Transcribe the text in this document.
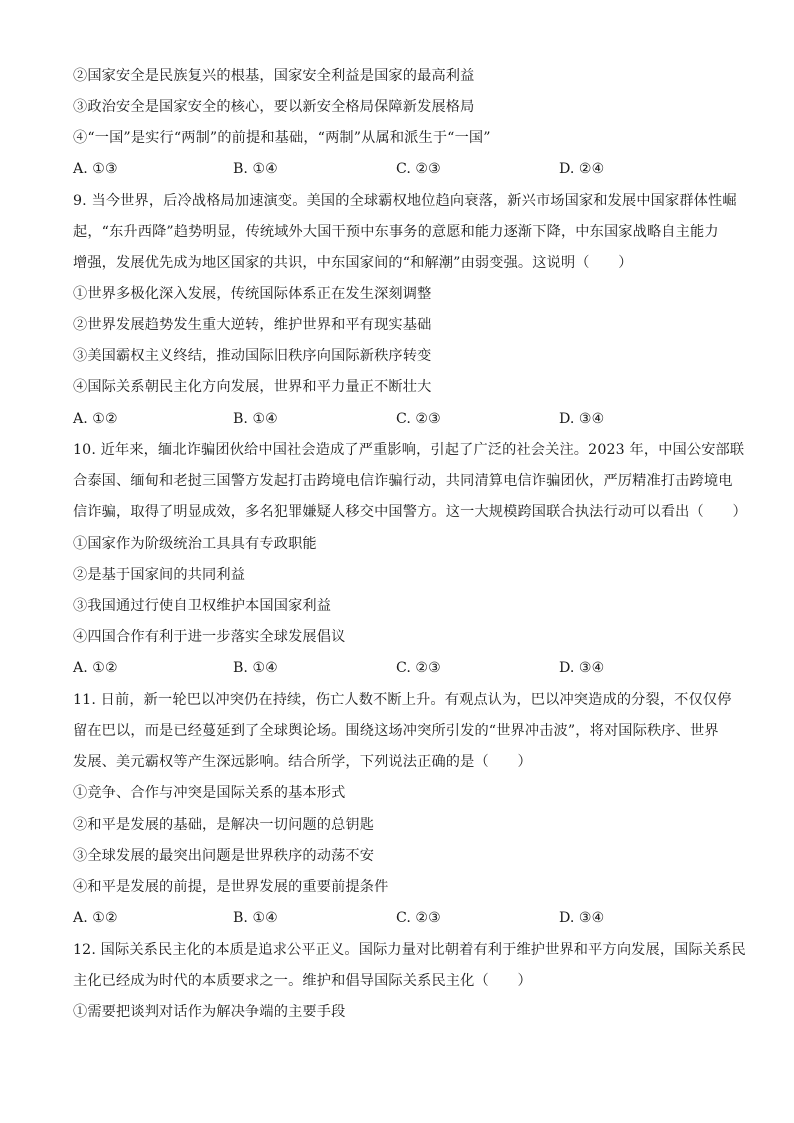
②国家安全是民族复兴的根基，国家安全利益是国家的最高利益
③政治安全是国家安全的核心，要以新安全格局保障新发展格局
④“一国”是实行“两制”的前提和基础，“两制”从属和派生于“一国”
A. ①③	B. ①④	C. ②③	D. ②④
9. 当今世界，后冷战格局加速演变。美国的全球霸权地位趋向衰落，新兴市场国家和发展中国家群体性崛
起，“东升西降”趋势明显，传统域外大国干预中东事务的意愿和能力逐渐下降，中东国家战略自主能力
增强，发展优先成为地区国家的共识，中东国家间的“和解潮”由弱变强。这说明（　　）
①世界多极化深入发展，传统国际体系正在发生深刻调整
②世界发展趋势发生重大逆转，维护世界和平有现实基础
③美国霸权主义终结，推动国际旧秩序向国际新秩序转变
④国际关系朝民主化方向发展，世界和平力量正不断壮大
A. ①②	B. ①④	C. ②③	D. ③④
10. 近年来，缅北诈骗团伙给中国社会造成了严重影响，引起了广泛的社会关注。2023 年，中国公安部联
合泰国、缅甸和老挝三国警方发起打击跨境电信诈骗行动，共同清算电信诈骗团伙，严厉精准打击跨境电
信诈骗，取得了明显成效，多名犯罪嫌疑人移交中国警方。这一大规模跨国联合执法行动可以看出（　　）
①国家作为阶级统治工具具有专政职能
②是基于国家间的共同利益
③我国通过行使自卫权维护本国国家利益
④四国合作有利于进一步落实全球发展倡议
A. ①②	B. ①④	C. ②③	D. ③④
11. 日前，新一轮巴以冲突仍在持续，伤亡人数不断上升。有观点认为，巴以冲突造成的分裂，不仅仅停
留在巴以，而是已经蔓延到了全球舆论场。围绕这场冲突所引发的“世界冲击波”，将对国际秩序、世界
发展、美元霸权等产生深远影响。结合所学，下列说法正确的是（　　）
①竞争、合作与冲突是国际关系的基本形式
②和平是发展的基础，是解决一切问题的总钥匙
③全球发展的最突出问题是世界秩序的动荡不安
④和平是发展的前提，是世界发展的重要前提条件
A. ①②	B. ①④	C. ②③	D. ③④
12. 国际关系民主化的本质是追求公平正义。国际力量对比朝着有利于维护世界和平方向发展，国际关系民
主化已经成为时代的本质要求之一。维护和倡导国际关系民主化（　　）
①需要把谈判对话作为解决争端的主要手段
